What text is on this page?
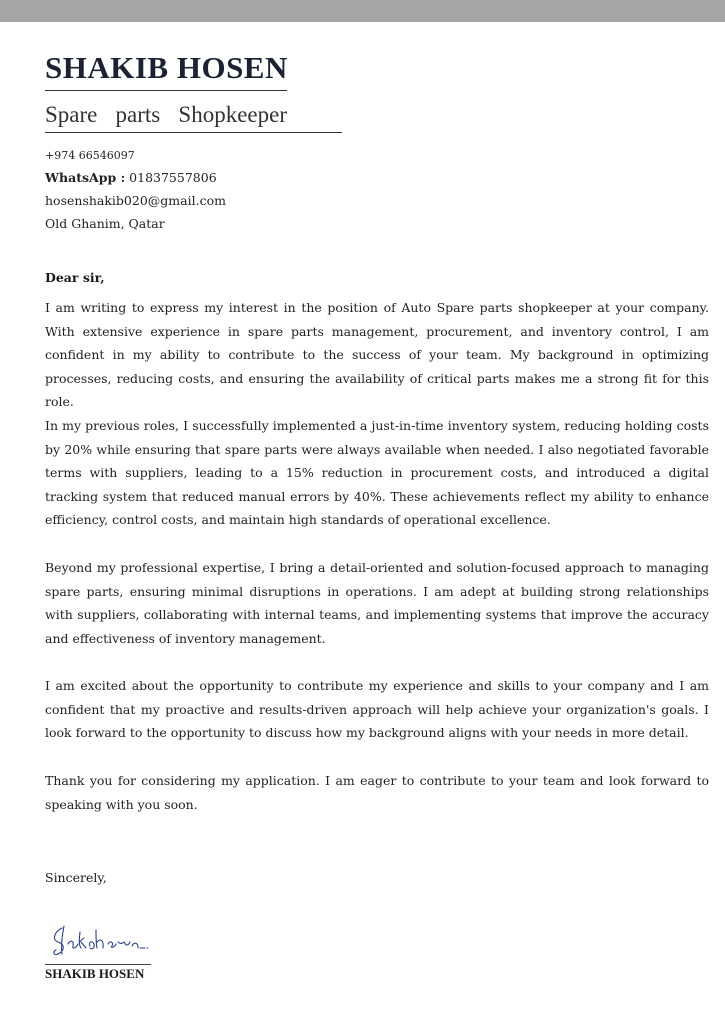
SHAKIB HOSEN
Spare parts Shopkeeper
+974 66546097
WhatsApp : 01837557806
hosenshakib020@gmail.com
Old Ghanim, Qatar
Dear sir,

I am writing to express my interest in the position of Auto Spare parts shopkeeper at your company. With extensive experience in spare parts management, procurement, and inventory control, I am confident in my ability to contribute to the success of your team. My background in optimizing processes, reducing costs, and ensuring the availability of critical parts makes me a strong fit for this role.

In my previous roles, I successfully implemented a just-in-time inventory system, reducing holding costs by 20% while ensuring that spare parts were always available when needed. I also negotiated favorable terms with suppliers, leading to a 15% reduction in procurement costs, and introduced a digital tracking system that reduced manual errors by 40%. These achievements reflect my ability to enhance efficiency, control costs, and maintain high standards of operational excellence.

Beyond my professional expertise, I bring a detail-oriented and solution-focused approach to managing spare parts, ensuring minimal disruptions in operations. I am adept at building strong relationships with suppliers, collaborating with internal teams, and implementing systems that improve the accuracy and effectiveness of inventory management.

I am excited about the opportunity to contribute my experience and skills to your company and I am confident that my proactive and results-driven approach will help achieve your organization's goals. I look forward to the opportunity to discuss how my background aligns with your needs in more detail.

Thank you for considering my application. I am eager to contribute to your team and look forward to speaking with you soon.

Sincerely,
SHAKIB HOSEN
